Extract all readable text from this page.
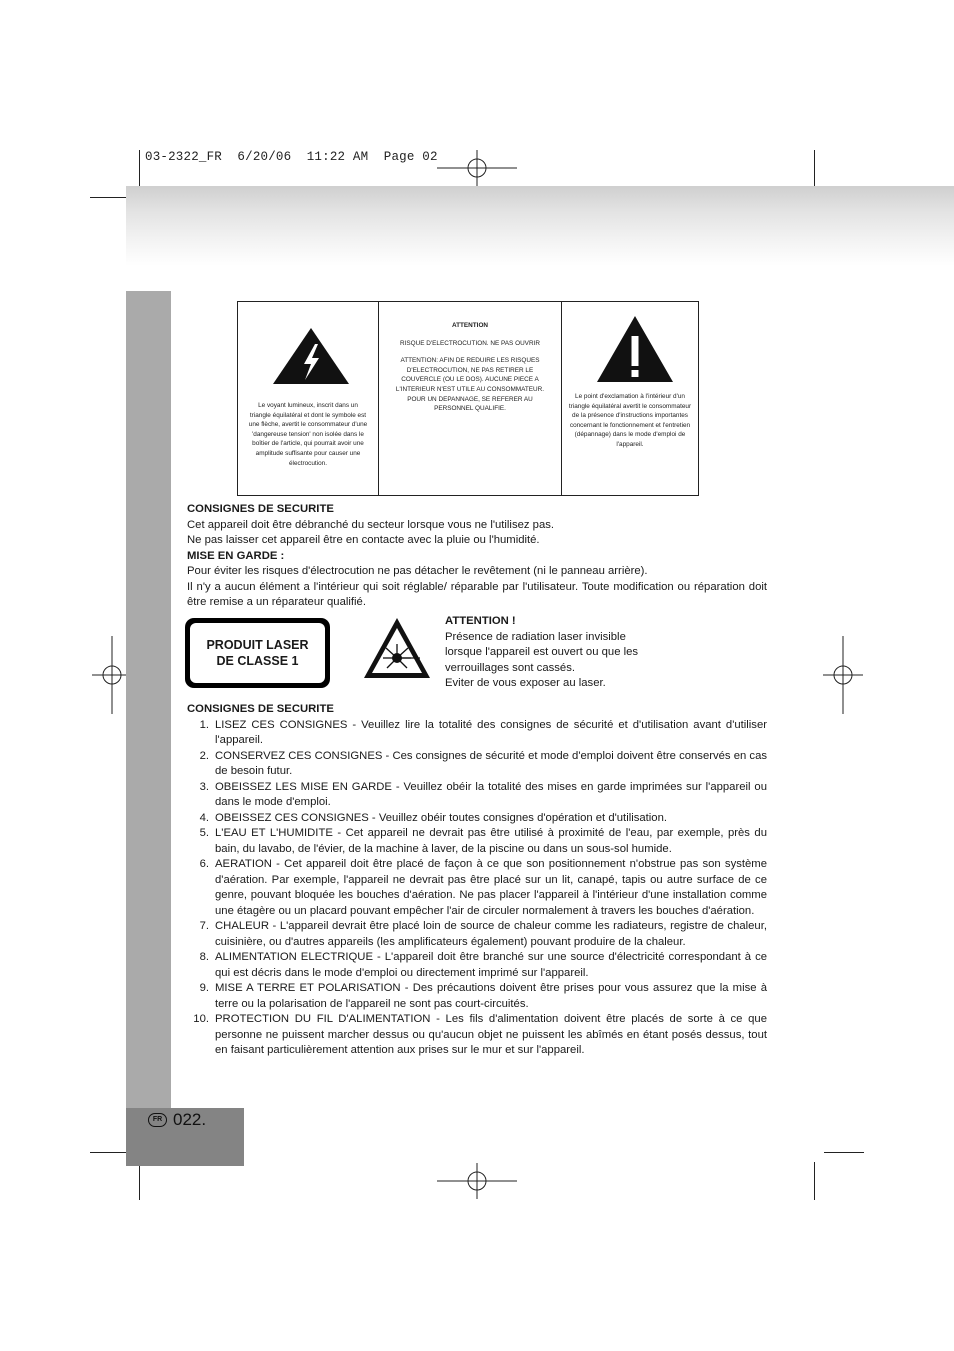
03-2322_FR  6/20/06  11:22 AM  Page 02
Le voyant lumineux, inscrit dans un triangle équilatéral et dont le symbole est une flèche, avertit le consommateur d'une 'dangereuse tension' non isolée dans le boîtier de l'article, qui pourrait avoir une amplitude suffisante pour causer une électrocution.
ATTENTION
RISQUE D'ELECTROCUTION. NE PAS OUVRIR
ATTENTION: AFIN DE REDUIRE LES RISQUES D'ELECTROCUTION, NE PAS RETIRER LE COUVERCLE (OU LE DOS). AUCUNE PIECE A L'INTERIEUR N'EST UTILE AU CONSOMMATEUR. POUR UN DEPANNAGE, SE REFERER AU PERSONNEL QUALIFIE.
Le point d'exclamation à l'intérieur d'un triangle équilatéral avertit le consommateur de la présence d'instructions importantes concernant le fonctionnement et l'entretien (dépannage) dans le mode d'emploi de l'appareil.
CONSIGNES DE SECURITE
Cet appareil doit être débranché du secteur lorsque vous ne l'utilisez pas.
Ne pas laisser cet appareil être en contacte avec la pluie ou l'humidité.
MISE EN GARDE :
Pour éviter les risques d'électrocution ne pas détacher le revêtement (ni le panneau arrière).
Il n'y a aucun élément a l'intérieur qui soit réglable/ réparable par l'utilisateur. Toute modification ou réparation doit être remise a un réparateur qualifié.
PRODUIT LASER
DE CLASSE 1
ATTENTION !
Présence de radiation laser invisible
lorsque l'appareil est ouvert ou que les
verrouillages sont cassés.
Eviter de vous exposer au laser.
CONSIGNES DE SECURITE
1. LISEZ CES CONSIGNES - Veuillez lire la totalité des consignes de sécurité et d'utilisation avant d'utiliser l'appareil.
2. CONSERVEZ CES CONSIGNES - Ces consignes de sécurité et mode d'emploi doivent être conservés en cas de besoin futur.
3. OBEISSEZ LES MISE EN GARDE - Veuillez obéir la totalité des mises en garde imprimées sur l'appareil ou dans le mode d'emploi.
4. OBEISSEZ CES CONSIGNES - Veuillez obéir toutes consignes d'opération et d'utilisation.
5. L'EAU ET L'HUMIDITE - Cet appareil ne devrait pas être utilisé à proximité de l'eau, par exemple, près du bain, du lavabo, de l'évier, de la machine à laver, de la piscine ou dans un sous-sol humide.
6. AERATION - Cet appareil doit être placé de façon à ce que son positionnement n'obstrue pas son système d'aération. Par exemple, l'appareil ne devrait pas être placé sur un lit, canapé, tapis ou autre surface de ce genre, pouvant bloquée les bouches d'aération. Ne pas placer l'appareil à l'intérieur d'une installation comme une étagère ou un placard pouvant empêcher l'air de circuler normalement à travers les bouches d'aération.
7. CHALEUR - L'appareil devrait être placé loin de source de chaleur comme les radiateurs, registre de chaleur, cuisinière, ou d'autres appareils (les amplificateurs également) pouvant produire de la chaleur.
8. ALIMENTATION ELECTRIQUE - L'appareil doit être branché sur une source d'électricité correspondant à ce qui est décris dans le mode d'emploi ou directement imprimé sur l'appareil.
9. MISE A TERRE ET POLARISATION - Des précautions doivent être prises pour vous assurez que la mise à terre ou la polarisation de l'appareil ne sont pas court-circuités.
10. PROTECTION DU FIL D'ALIMENTATION - Les fils d'alimentation doivent être placés de sorte à ce que personne ne puissent marcher dessus ou qu'aucun objet ne puissent les abîmés en étant posés dessus, tout en faisant particulièrement attention aux prises sur le mur et sur l'appareil.
FR 022.
